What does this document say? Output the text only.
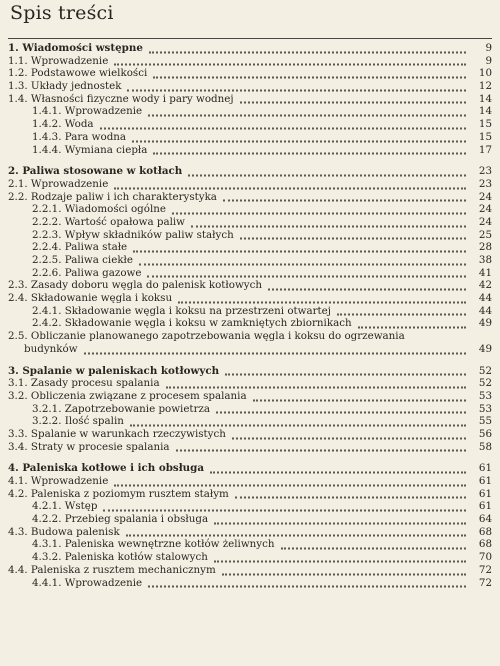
Spis treści
1. Wiadomości wstępne	9
1.1. Wprowadzenie	9
1.2. Podstawowe wielkości	10
1.3. Układy jednostek	12
1.4. Własności fizyczne wody i pary wodnej	14
1.4.1. Wprowadzenie	14
1.4.2. Woda	15
1.4.3. Para wodna	15
1.4.4. Wymiana ciepła	17
2. Paliwa stosowane w kotłach	23
2.1. Wprowadzenie	23
2.2. Rodzaje paliw i ich charakterystyka	24
2.2.1. Wiadomości ogólne	24
2.2.2. Wartość opałowa paliw	24
2.2.3. Wpływ składników paliw stałych	25
2.2.4. Paliwa stałe	28
2.2.5. Paliwa ciekłe	38
2.2.6. Paliwa gazowe	41
2.3. Zasady doboru węgla do palenisk kotłowych	42
2.4. Składowanie węgla i koksu	44
2.4.1. Składowanie węgla i koksu na przestrzeni otwartej	44
2.4.2. Składowanie węgla i koksu w zamkniętych zbiornikach	49
2.5. Obliczanie planowanego zapotrzebowania węgla i koksu do ogrzewania
budynków	49
3. Spalanie w paleniskach kotłowych	52
3.1. Zasady procesu spalania	52
3.2. Obliczenia związane z procesem spalania	53
3.2.1. Zapotrzebowanie powietrza	53
3.2.2. Ilość spalin	55
3.3. Spalanie w warunkach rzeczywistych	56
3.4. Straty w procesie spalania	58
4. Paleniska kotłowe i ich obsługa	61
4.1. Wprowadzenie	61
4.2. Paleniska z poziomym rusztem stałym	61
4.2.1. Wstęp	61
4.2.2. Przebieg spalania i obsługa	64
4.3. Budowa palenisk	68
4.3.1. Paleniska wewnętrzne kotłów żeliwnych	68
4.3.2. Paleniska kotłów stalowych	70
4.4. Paleniska z rusztem mechanicznym	72
4.4.1. Wprowadzenie	72
